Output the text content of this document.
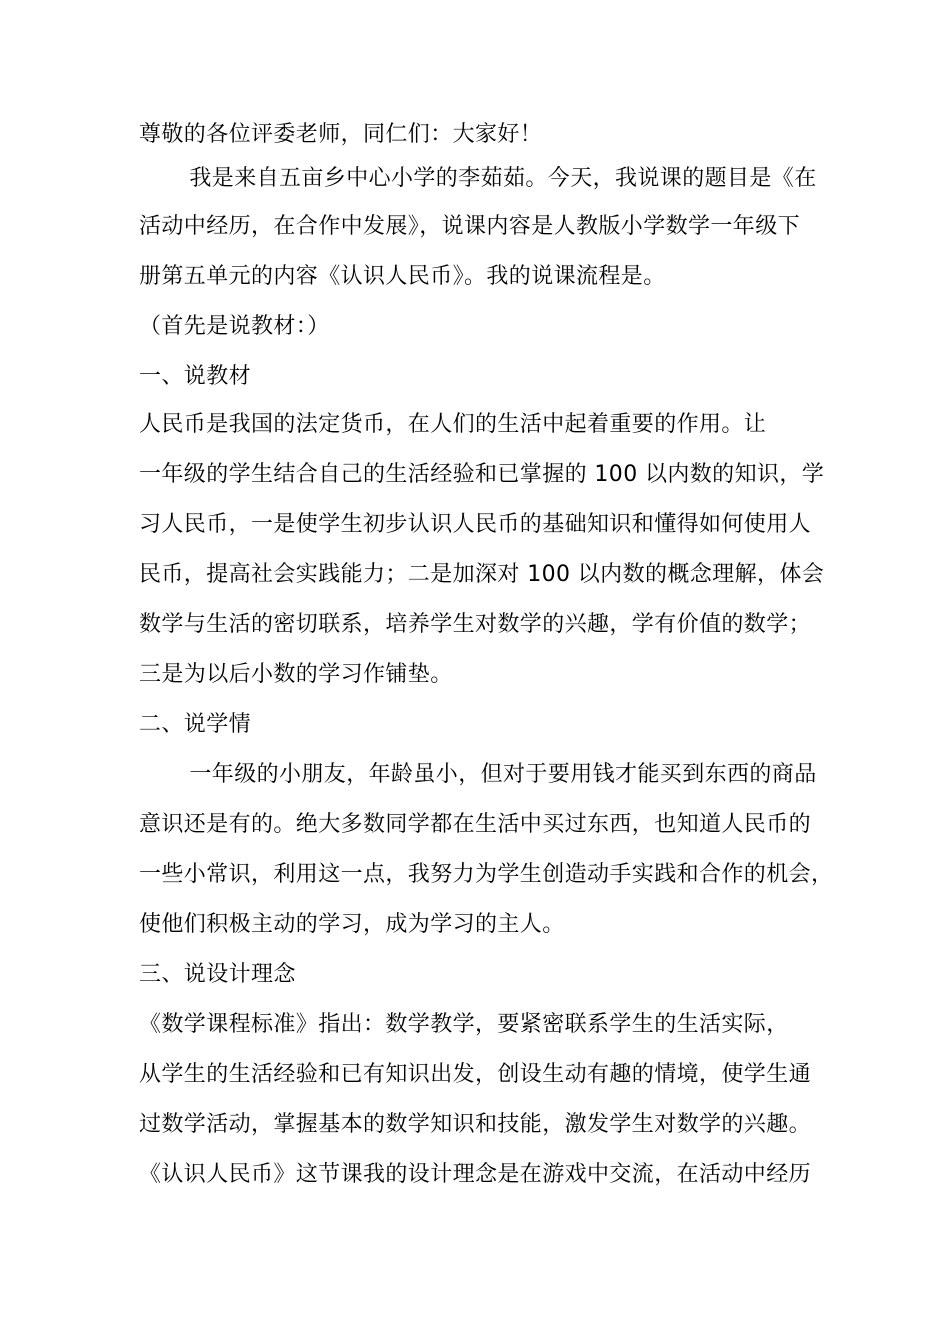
尊敬的各位评委老师，同仁们：大家好！
　我是来自五亩乡中心小学的李茹茹。今天，我说课的题目是《在
活动中经历，在合作中发展》，说课内容是人教版小学数学一年级下
册第五单元的内容《认识人民币》。我的说课流程是。
（首先是说教材：）
一、说教材
人民币是我国的法定货币，在人们的生活中起着重要的作用。让
一年级的学生结合自己的生活经验和已掌握的 100 以内数的知识，学
习人民币，一是使学生初步认识人民币的基础知识和懂得如何使用人
民币，提高社会实践能力；二是加深对 100 以内数的概念理解，体会
数学与生活的密切联系，培养学生对数学的兴趣，学有价值的数学；
三是为以后小数的学习作铺垫。
二、说学情
　一年级的小朋友，年龄虽小，但对于要用钱才能买到东西的商品
意识还是有的。绝大多数同学都在生活中买过东西，也知道人民币的
一些小常识，利用这一点，我努力为学生创造动手实践和合作的机会，
使他们积极主动的学习，成为学习的主人。
三、说设计理念
《数学课程标准》指出：数学教学，要紧密联系学生的生活实际，
从学生的生活经验和已有知识出发，创设生动有趣的情境，使学生通
过数学活动，掌握基本的数学知识和技能，激发学生对数学的兴趣。
《认识人民币》这节课我的设计理念是在游戏中交流，在活动中经历
